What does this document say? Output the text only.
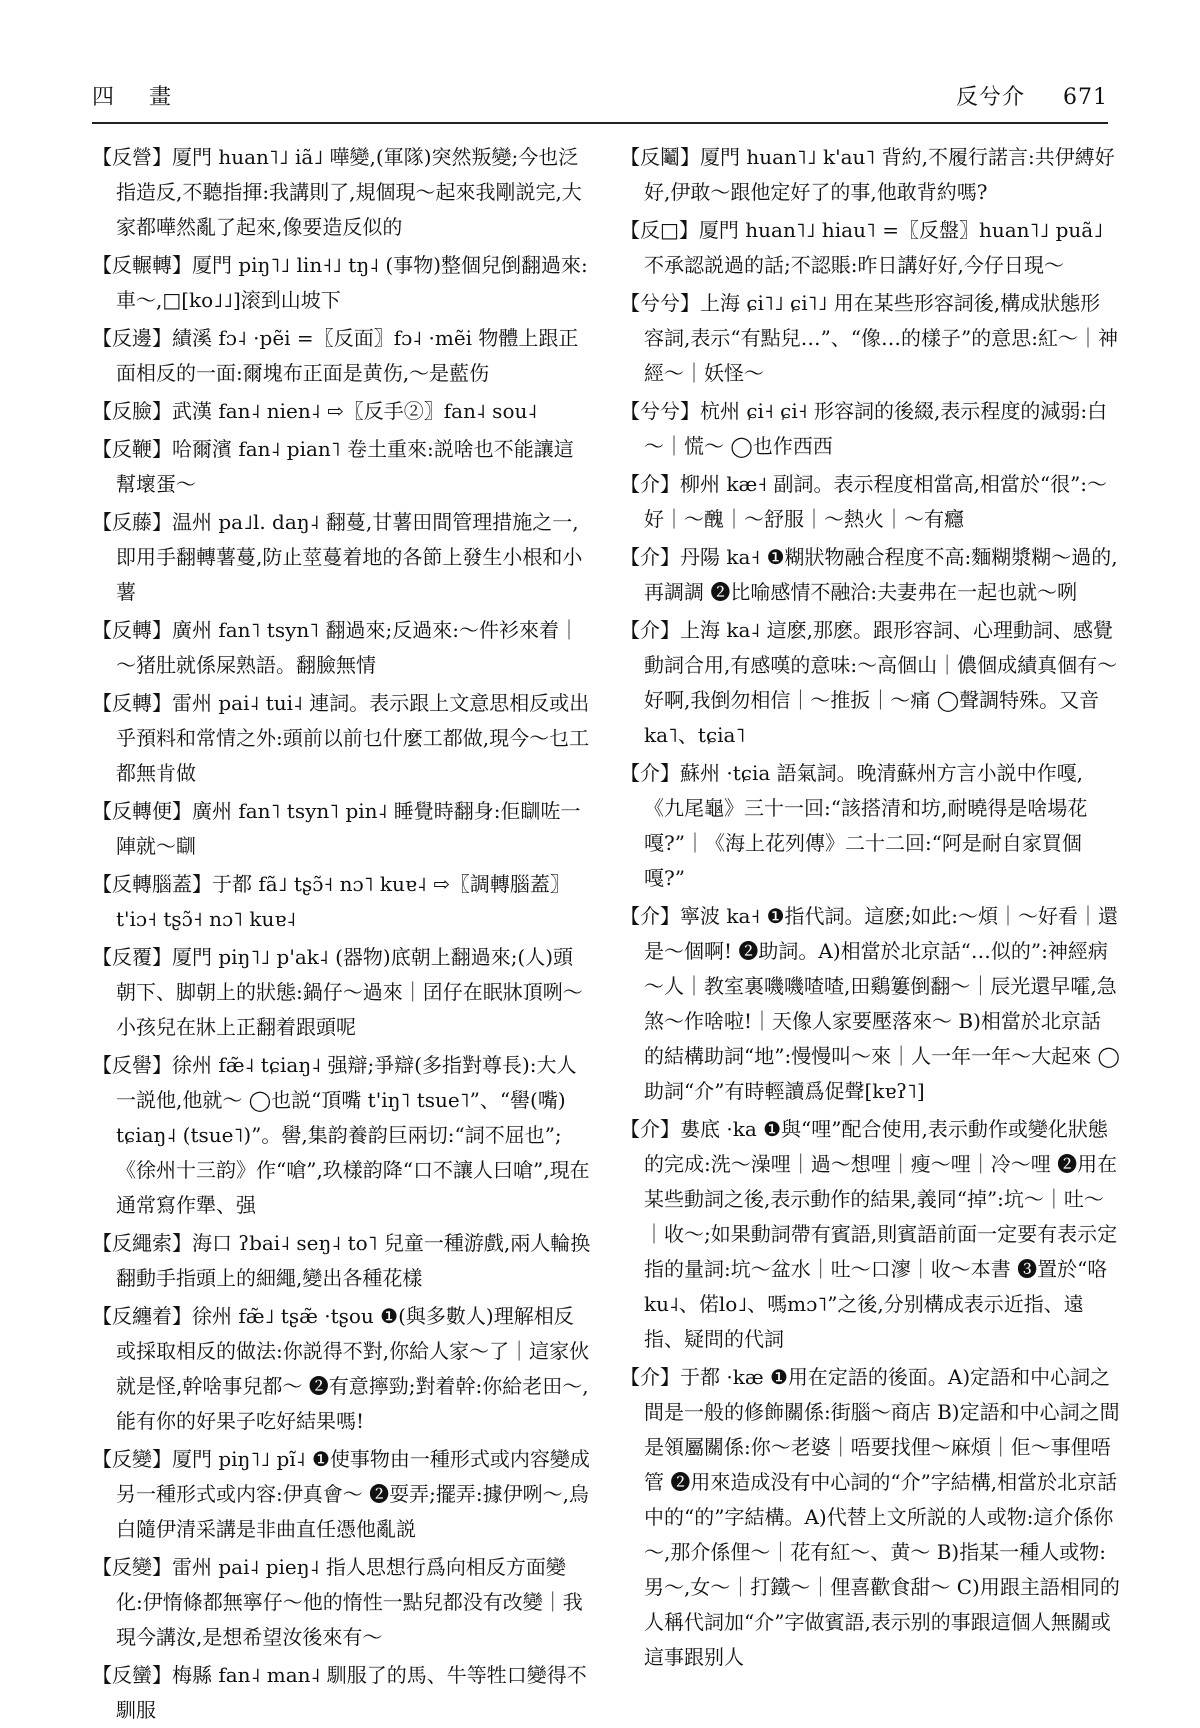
四 畫	反兮介 671

【反營】厦門 huan˥˩ iã˩ 嘩變,(軍隊)突然叛變;今也泛指造反,不聽指揮:我講則了,規個現～起來我剛説完,大家都嘩然亂了起來,像要造反似的

【反輾轉】厦門 piŋ˥˩ lin˧˩ tŋ˨ (事物)整個兒倒翻過來:車～,□[ko˩˩]滚到山坡下

【反邊】績溪 fɔ˨ ·pẽi =〖反面〗fɔ˨ ·mẽi 物體上跟正面相反的一面:爾塊布正面是黄伤,～是藍伤

【反臉】武漢 fan˨ nien˨ ⇨〖反手②〗fan˨ sou˨

【反鞭】哈爾濱 fan˨ pian˥ 卷土重來:説啥也不能讓這幫壞蛋～

【反藤】温州 pa˩l. daŋ˨ 翻蔓,甘薯田間管理措施之一,即用手翻轉薯蔓,防止莖蔓着地的各節上發生小根和小薯

【反轉】廣州 fan˥ tsyn˥ 翻過來;反過來:～件衫來着｜～猪肚就係屎熟語。翻臉無情

【反轉】雷州 pai˨ tui˨ 連詞。表示跟上文意思相反或出乎預料和常情之外:頭前以前乜什麼工都做,現今～乜工都無肯做

【反轉便】廣州 fan˥ tsyn˥ pin˨ 睡覺時翻身:佢瞓咗一陣就～瞓

【反轉腦蓋】于都 fã˩ tʂɔ̃˧ nɔ˥ kuɐ˨ ⇨〖調轉腦蓋〗t'iɔ˧ tʂɔ̃˧ nɔ˥ kuɐ˨

【反覆】厦門 piŋ˥˩ p'ak˨ (器物)底朝上翻過來;(人)頭朝下、脚朝上的狀態:鍋仔～過來｜囝仔在眠牀頂咧～小孩兒在牀上正翻着跟頭呢

【反嚳】徐州 fæ̃˨ tɕiaŋ˨ 强辯;爭辯(多指對尊長):大人一説他,他就～ ◯也説“頂嘴 t'iŋ˥ tsue˥”、“嚳(嘴) tɕiaŋ˨ (tsue˥)”。嚳,集韵養韵巨兩切:“詞不屈也”;《徐州十三韵》作“嗆”,玖樣韵降“口不讓人曰嗆”,現在通常寫作犟、强

【反繩索】海口 ʔbai˨ seŋ˨ to˥ 兒童一種游戲,兩人輪换翻動手指頭上的細繩,變出各種花樣

【反纏着】徐州 fæ̃˩ tʂæ̃ ·tʂou ❶(與多數人)理解相反或採取相反的做法:你説得不對,你給人家～了｜這家伙就是怪,幹啥事兒都～ ❷有意擰勁;對着幹:你給老田～,能有你的好果子吃好結果嗎!

【反變】厦門 piŋ˥˩ pĩ˨ ❶使事物由一種形式或内容變成另一種形式或内容:伊真會～ ❷耍弄;擺弄:據伊咧～,烏白隨伊清采講是非曲直任憑他亂説

【反變】雷州 pai˨ pieŋ˨ 指人思想行爲向相反方面變化:伊惰條都無寧仔～他的惰性一點兒都没有改變｜我現今講汝,是想希望汝後來有～

【反蠻】梅縣 fan˨ man˨ 馴服了的馬、牛等牲口變得不馴服

【反鬮】厦門 huan˥˩ k'au˥ 背約,不履行諾言:共伊縛好好,伊敢～跟他定好了的事,他敢背約嗎?

【反□】厦門 huan˥˩ hiau˥ =〖反盤〗huan˥˩ puã˩ 不承認説過的話;不認賬:昨日講好好,今仔日現～

【兮兮】上海 ɕi˥˩ ɕi˥˩ 用在某些形容詞後,構成狀態形容詞,表示“有點兒…”、“像…的樣子”的意思:紅～｜神經～｜妖怪～

【兮兮】杭州 ɕi˧ ɕi˧ 形容詞的後綴,表示程度的減弱:白～｜慌～ ◯也作西西

【介】柳州 kæ˧ 副詞。表示程度相當高,相當於“很”:～好｜～醜｜～舒服｜～熱火｜～有癮

【介】丹陽 ka˧ ❶糊狀物融合程度不高:麵糊漿糊～過的,再調調 ❷比喻感情不融洽:夫妻弗在一起也就～咧

【介】上海 ka˨ 這麽,那麽。跟形容詞、心理動詞、感覺動詞合用,有感嘆的意味:～高個山｜儂個成績真個有～好啊,我倒勿相信｜～推扳｜～痛 ◯聲調特殊。又音 ka˥、tɕia˥

【介】蘇州 ·tɕia 語氣詞。晚清蘇州方言小説中作嘎,《九尾龜》三十一回:“該搭清和坊,耐曉得是啥場花嘎?”｜《海上花列傳》二十二回:“阿是耐自家買個嘎?”

【介】寧波 ka˧ ❶指代詞。這麽;如此:～煩｜～好看｜還是～個啊! ❷助詞。A)相當於北京話“…似的”:神經病～人｜教室裏嘰嘰喳喳,田鷄簍倒翻～｜辰光還早嚯,急煞～作啥啦!｜天像人家要壓落來～ B)相當於北京話的結構助詞“地”:慢慢叫～來｜人一年一年～大起來 ◯助詞“介”有時輕讀爲促聲[kɐʔ˥]

【介】婁底 ·ka ❶與“哩”配合使用,表示動作或變化狀態的完成:洗～澡哩｜過～想哩｜瘦～哩｜冷～哩 ❷用在某些動詞之後,表示動作的結果,義同“掉”:坑～｜吐～｜收～;如果動詞帶有賓語,則賓語前面一定要有表示定指的量詞:坑～盆水｜吐～口㵳｜收～本書 ❸置於“咯ku˨、偌lo˩、嗎mɔ˥”之後,分别構成表示近指、遠指、疑問的代詞

【介】于都 ·kæ ❶用在定語的後面。A)定語和中心詞之間是一般的修飾關係:街腦～商店 B)定語和中心詞之間是領屬關係:你～老婆｜唔要找俚～麻煩｜佢～事俚唔管 ❷用來造成没有中心詞的“介”字結構,相當於北京話中的“的”字結構。A)代替上文所説的人或物:這介係你～,那介係俚～｜花有紅～、黄～ B)指某一種人或物:男～,女～｜打鐵～｜俚喜歡食甜～ C)用跟主語相同的人稱代詞加“介”字做賓語,表示别的事跟這個人無關或這事跟别人
